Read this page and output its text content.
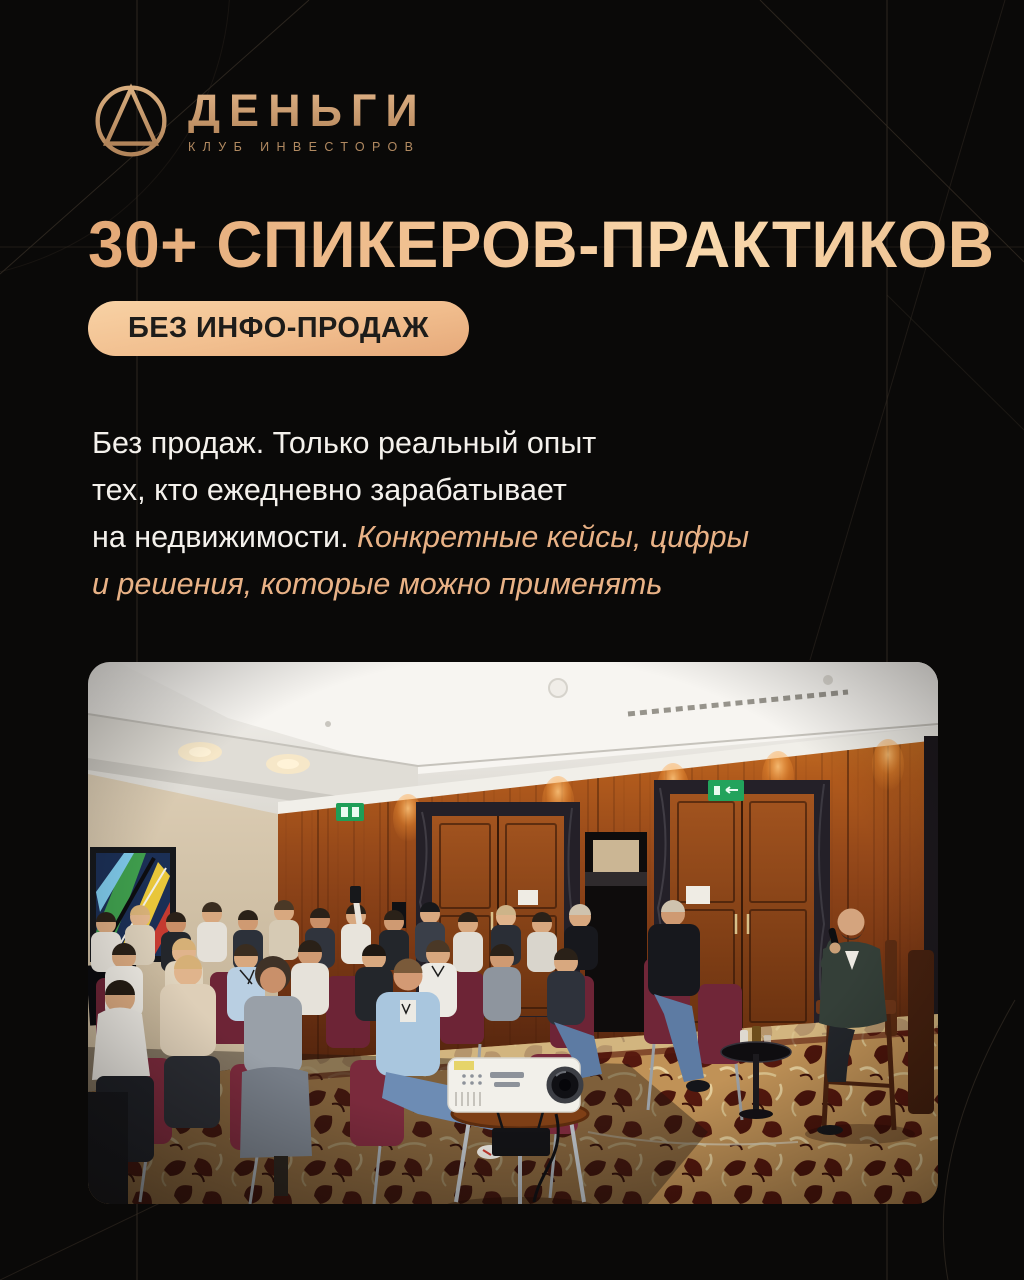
ДЕНЬГИ
КЛУБ ИНВЕСТОРОВ
30+ СПИКЕРОВ-ПРАКТИКОВ
БЕЗ ИНФО-ПРОДАЖ

Без продаж. Только реальный опыт
тех, кто ежедневно зарабатывает
на недвижимости. Конкретные кейсы, цифры
и решения, которые можно применять
